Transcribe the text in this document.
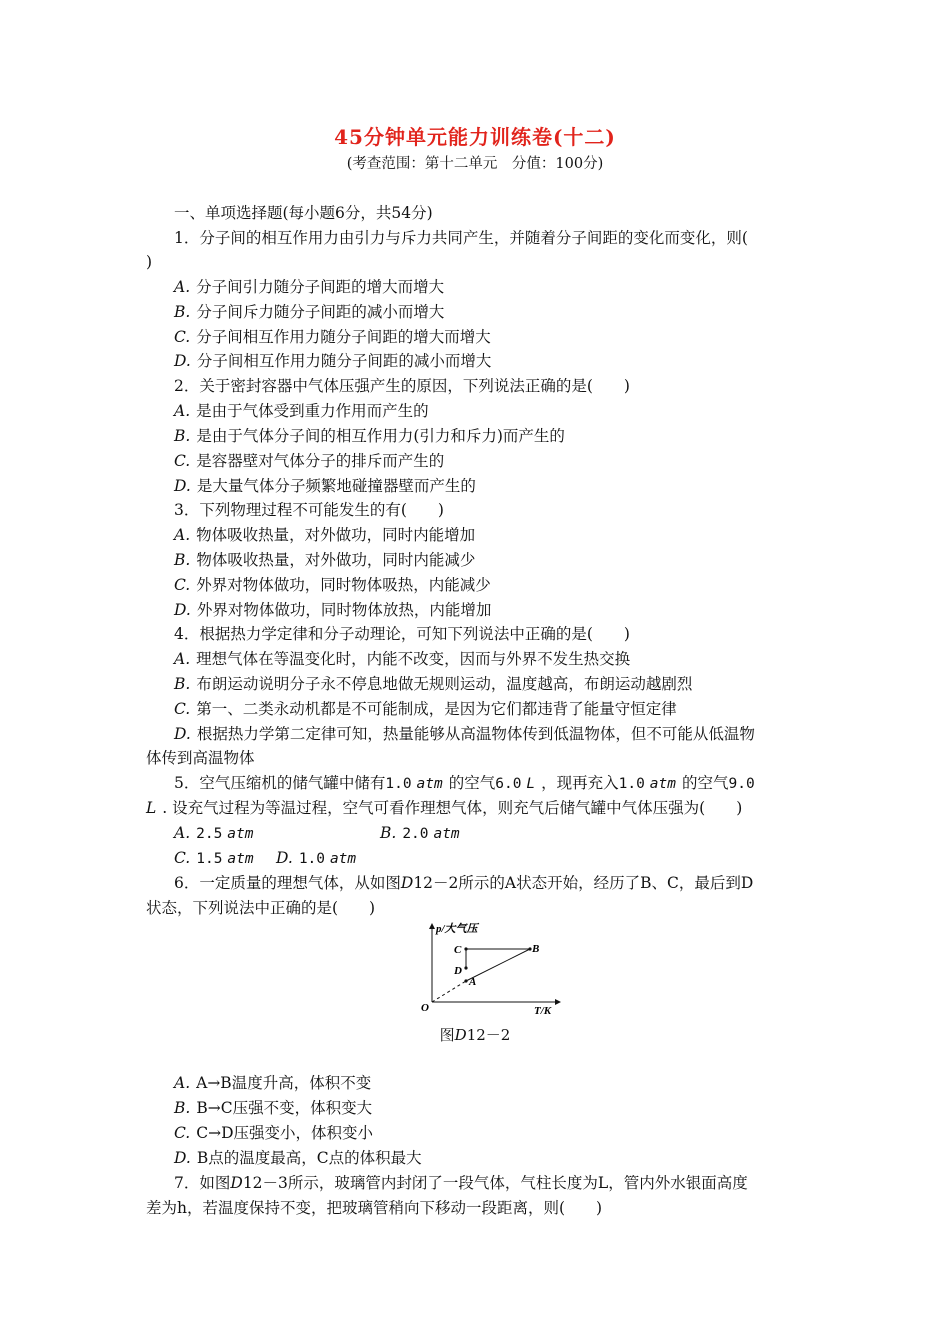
45分钟单元能力训练卷(十二)
(考查范围：第十二单元　分值：100分)
一、单项选择题(每小题6分，共54分)
1．分子间的相互作用力由引力与斥力共同产生，并随着分子间距的变化而变化，则(
)
A. 分子间引力随分子间距的增大而增大
B. 分子间斥力随分子间距的减小而增大
C. 分子间相互作用力随分子间距的增大而增大
D. 分子间相互作用力随分子间距的减小而增大
2．关于密封容器中气体压强产生的原因，下列说法正确的是(　　)
A. 是由于气体受到重力作用而产生的
B. 是由于气体分子间的相互作用力(引力和斥力)而产生的
C. 是容器壁对气体分子的排斥而产生的
D. 是大量气体分子频繁地碰撞器壁而产生的
3．下列物理过程不可能发生的有(　　)
A. 物体吸收热量，对外做功，同时内能增加
B. 物体吸收热量，对外做功，同时内能减少
C. 外界对物体做功，同时物体吸热，内能减少
D. 外界对物体做功，同时物体放热，内能增加
4．根据热力学定律和分子动理论，可知下列说法中正确的是(　　)
A. 理想气体在等温变化时，内能不改变，因而与外界不发生热交换
B. 布朗运动说明分子永不停息地做无规则运动，温度越高，布朗运动越剧烈
C. 第一、二类永动机都是不可能制成，是因为它们都违背了能量守恒定律
D. 根据热力学第二定律可知，热量能够从高温物体传到低温物体，但不可能从低温物
体传到高温物体
5．空气压缩机的储气罐中储有1.0 atm 的空气6.0 L ，现再充入1.0 atm 的空气9.0
L . 设充气过程为等温过程，空气可看作理想气体，则充气后储气罐中气体压强为(　　)
A. 2.5 atm	B. 2.0 atm
C. 1.5 atm	D. 1.0 atm
6．一定质量的理想气体，从如图D12－2所示的A状态开始，经历了B、C，最后到D
状态，下列说法中正确的是(　　)
p/大气压
T/K
O
A
B
C
D
图D12－2
A. A→B温度升高，体积不变
B. B→C压强不变，体积变大
C. C→D压强变小，体积变小
D. B点的温度最高，C点的体积最大
7．如图D12－3所示，玻璃管内封闭了一段气体，气柱长度为L，管内外水银面高度
差为h，若温度保持不变，把玻璃管稍向下移动一段距离，则(　　)
